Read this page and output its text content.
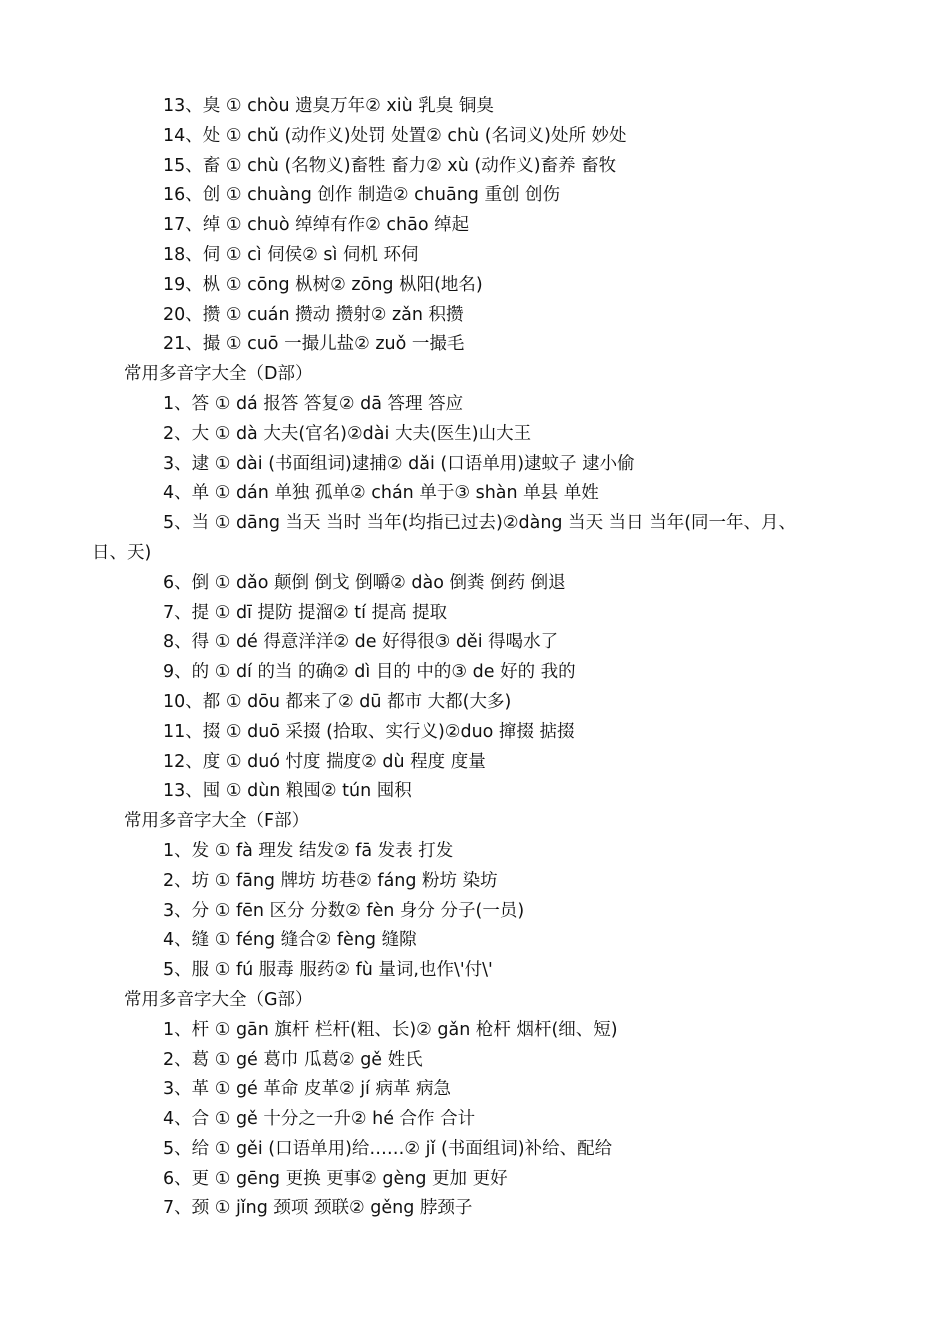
13、臭 ① chòu 遗臭万年② xiù 乳臭 铜臭
14、处 ① chǔ (动作义)处罚 处置② chù (名词义)处所 妙处
15、畜 ① chù (名物义)畜牲 畜力② xù (动作义)畜养 畜牧
16、创 ① chuàng 创作 制造② chuāng 重创 创伤
17、绰 ① chuò 绰绰有作② chāo 绰起
18、伺 ① cì 伺侯② sì 伺机 环伺
19、枞 ① cōng 枞树② zōng 枞阳(地名)
20、攒 ① cuán 攒动 攒射② zǎn 积攒
21、撮 ① cuō 一撮儿盐② zuǒ 一撮毛
常用多音字大全（D部）
1、答 ① dá 报答 答复② dā 答理 答应
2、大 ① dà 大夫(官名)②dài 大夫(医生)山大王
3、逮 ① dài (书面组词)逮捕② dǎi (口语单用)逮蚊子 逮小偷
4、单 ① dán 单独 孤单② chán 单于③ shàn 单县 单姓
5、当 ① dāng 当天 当时 当年(均指已过去)②dàng 当天 当日 当年(同一年、月、
日、天)
6、倒 ① dǎo 颠倒 倒戈 倒嚼② dào 倒粪 倒药 倒退
7、提 ① dī 提防 提溜② tí 提高 提取
8、得 ① dé 得意洋洋② de 好得很③ děi 得喝水了
9、的 ① dí 的当 的确② dì 目的 中的③ de 好的 我的
10、都 ① dōu 都来了② dū 都市 大都(大多)
11、掇 ① duō 采掇 (拾取、实行义)②duo 撺掇 掂掇
12、度 ① duó 忖度 揣度② dù 程度 度量
13、囤 ① dùn 粮囤② tún 囤积
常用多音字大全（F部）
1、发 ① fà 理发 结发② fā 发表 打发
2、坊 ① fāng 牌坊 坊巷② fáng 粉坊 染坊
3、分 ① fēn 区分 分数② fèn 身分 分子(一员)
4、缝 ① féng 缝合② fèng 缝隙
5、服 ① fú 服毒 服药② fù 量词,也作\'付\'
常用多音字大全（G部）
1、杆 ① gān 旗杆 栏杆(粗、长)② gǎn 枪杆 烟杆(细、短)
2、葛 ① gé 葛巾 瓜葛② gě 姓氏
3、革 ① gé 革命 皮革② jí 病革 病急
4、合 ① gě 十分之一升② hé 合作 合计
5、给 ① gěi (口语单用)给……② jǐ (书面组词)补给、配给
6、更 ① gēng 更换 更事② gèng 更加 更好
7、颈 ① jǐng 颈项 颈联② gěng 脖颈子
